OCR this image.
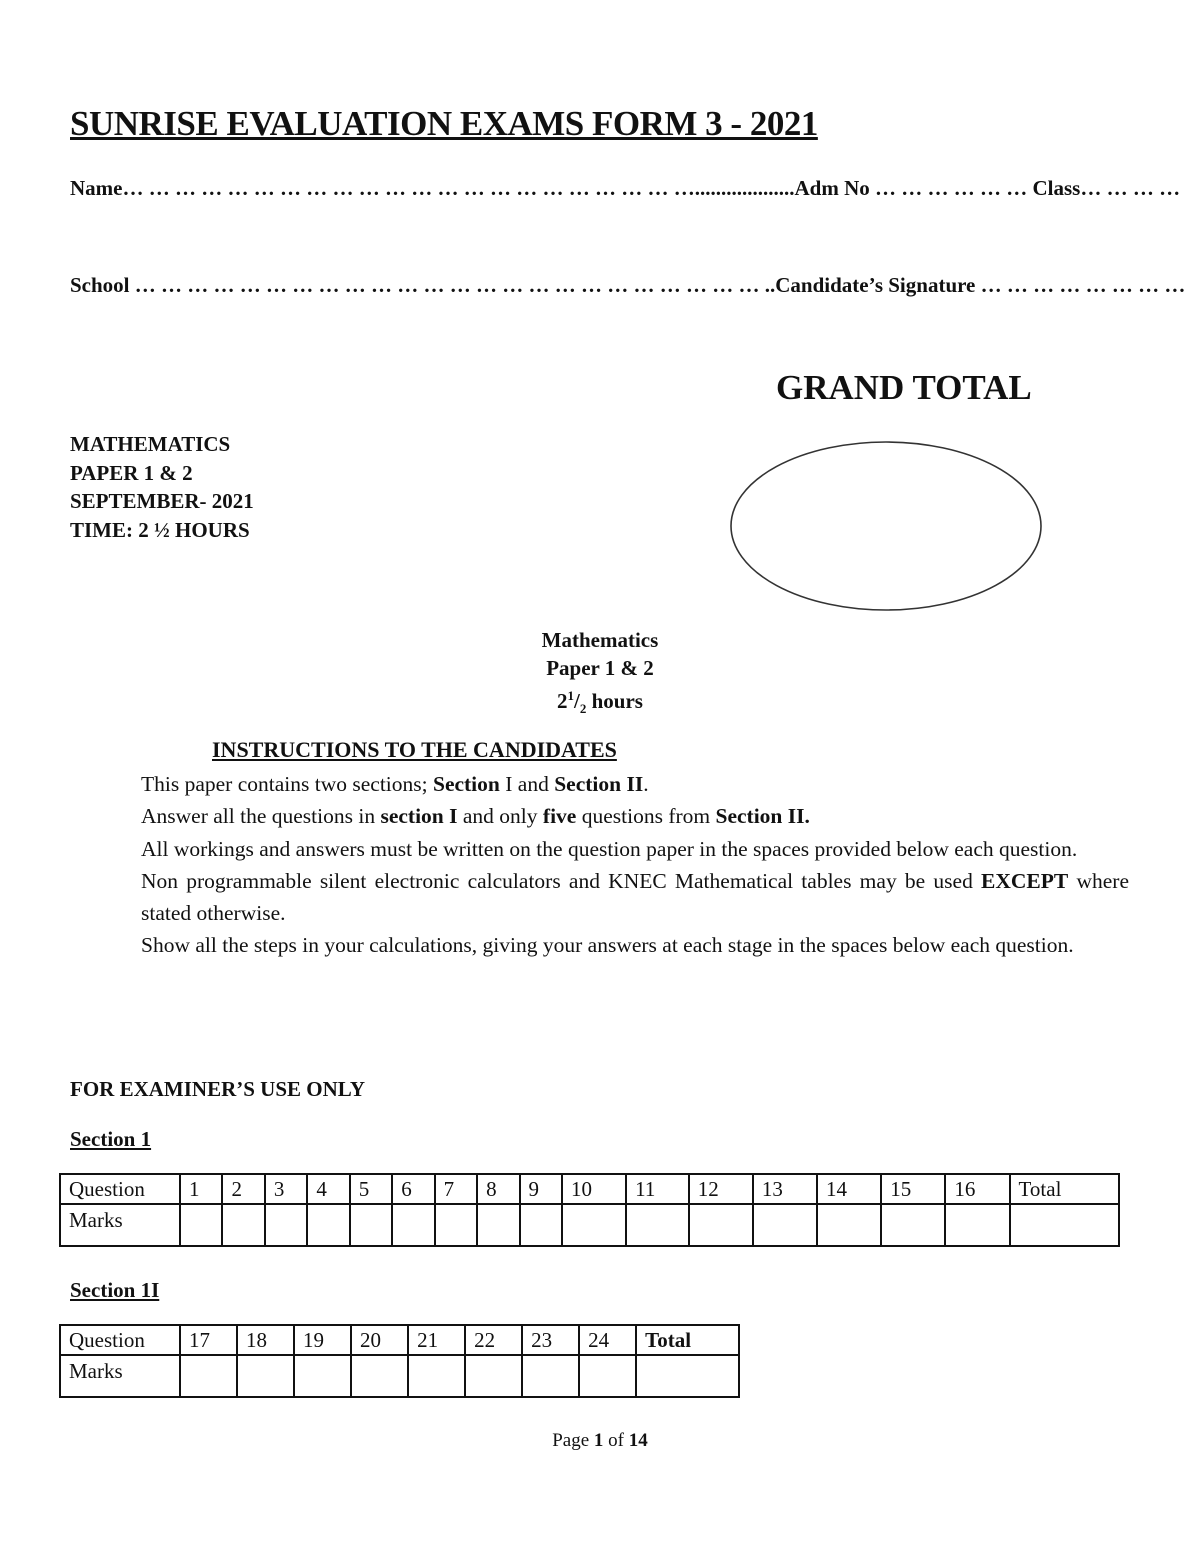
SUNRISE EVALUATION EXAMS FORM 3 - 2021
Name… … … … … … … … … … … … … … … … … … … … … …...................Adm No … … … … … … Class… … … …
School … … … … … … … … … … … … … … … … … … … … … … … … ..Candidate’s Signature … … … … … … … …
GRAND TOTAL
MATHEMATICS
PAPER 1 & 2
SEPTEMBER- 2021
TIME: 2 ½ HOURS
Mathematics
Paper 1 & 2
$2^1/_2$ hours
INSTRUCTIONS TO THE CANDIDATES

This paper contains two sections; Section I and Section II.

Answer all the questions in section I and only five questions from Section II.

All workings and answers must be written on the question paper in the spaces provided below each question.

Non programmable silent electronic calculators and KNEC Mathematical tables may be used EXCEPT where stated otherwise.

Show all the steps in your calculations, giving your answers at each stage in the spaces below each question.

FOR EXAMINER’S USE ONLY
Section 1
Question	1	2	3	4	5	6	7	8	9	10	11	12	13	14	15	16	Total
Marks																	
Section 1I
Question	17	18	19	20	21	22	23	24	Total
Marks									
Page 1 of 14
